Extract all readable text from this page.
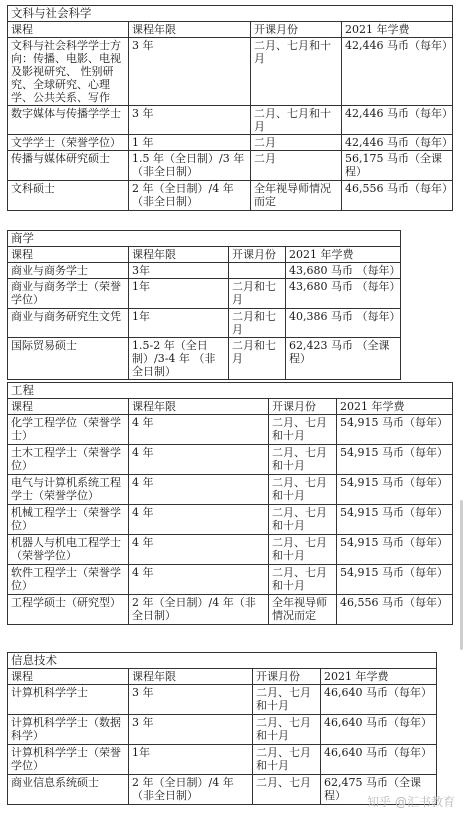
文科与社会科学			
课程	课程年限	开课月份	2021 年学费
文科与社会科学学士方向：传播、电影、电视及影视研究、 性别研究、全球研究、心理学、公共关系、写作	3 年	二月、七月和十月	42,446 马币（每年）
数字媒体与传播学学士	3 年	二月、七月和十月	42,446 马币（每年）
文学学士（荣誉学位）	1 年	二月	42,446 马币（每年）
传播与媒体研究硕士	1.5 年（全日制）/3 年（非全日制）	二月	56,175 马币（全课程）
文科硕士	2 年（全日制）/4 年（非全日制）	全年视导师情况而定	46,556 马币（每年）
商学			
课程	课程年限	开课月份	2021 年学费
商业与商务学士	3年		43,680 马币 （每年）
商业与商务学士（荣誉学位）	1年	二月和七月	43,680 马币 （每年）
商业与商务研究生文凭	1年	二月和七月	40,386 马币 （每年）
国际贸易硕士	1.5-2 年（全日制）/3-4 年 （非全日制）	二月和七月	62,423 马币 （全课程）
工程			
课程	课程年限	开课月份	2021 年学费
化学工程学位（荣誉学士）	4 年	二月、七月和十月	54,915 马币（每年）
土木工程学士（荣誉学位）	4 年	二月、七月和十月	54,915 马币（每年）
电气与计算机系统工程学士（荣誉学位）	4 年	二月、七月和十月	54,915 马币（每年）
机械工程学士（荣誉学位）	4 年	二月、七月和十月	54,915 马币（每年）
机器人与机电工程学士（荣誉学位）	4 年	二月、七月和十月	54,915 马币（每年）
软件工程学士（荣誉学位）	4 年	二月、七月和十月	54,915 马币（每年）
工程学硕士（研究型）	2 年（全日制）/4 年（非全日制）	全年视导师情况而定	46,556 马币（每年）
信息技术			
课程	课程年限	开课月份	2021 年学费
计算机科学学士	3 年	二月、七月和十月	46,640 马币（每年）
计算机科学学士（数据科学）	3 年	二月、七月和十月	46,640 马币（每年）
计算机科学学士（荣誉学位）	1年	二月、七月和十月	46,640 马币（每年）
商业信息系统硕士	2 年（全日制）/4 年（非全日制）	二月、七月	62,475 马币（全课程） 知乎 @汇书教育
